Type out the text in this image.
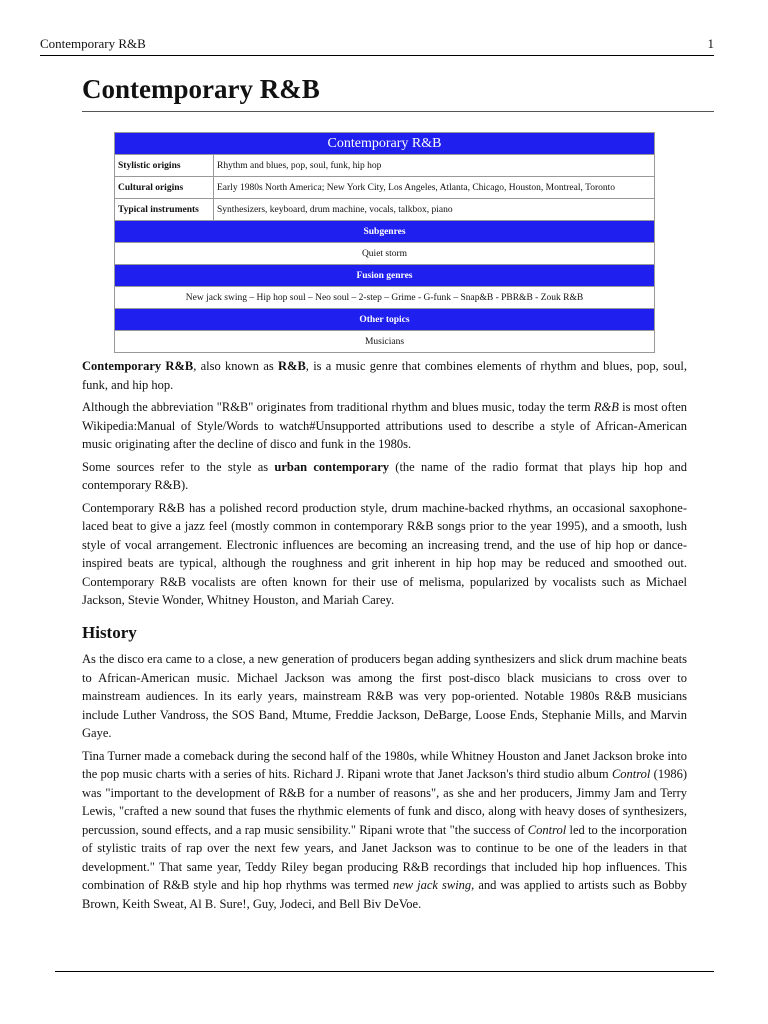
Contemporary R&B	1
Contemporary R&B
Contemporary R&B	
Stylistic origins	Rhythm and blues, pop, soul, funk, hip hop
Cultural origins	Early 1980s North America; New York City, Los Angeles, Atlanta, Chicago, Houston, Montreal, Toronto
Typical instruments	Synthesizers, keyboard, drum machine, vocals, talkbox, piano
Subgenres	
Quiet storm	
Fusion genres	
New jack swing – Hip hop soul – Neo soul – 2-step – Grime - G-funk – Snap&B - PBR&B - Zouk R&B	
Other topics	
Musicians	

Contemporary R&B, also known as R&B, is a music genre that combines elements of rhythm and blues, pop, soul, funk, and hip hop.

Although the abbreviation "R&B" originates from traditional rhythm and blues music, today the term R&B is most often Wikipedia:Manual of Style/Words to watch#Unsupported attributions used to describe a style of African-American music originating after the decline of disco and funk in the 1980s.

Some sources refer to the style as urban contemporary (the name of the radio format that plays hip hop and contemporary R&B).

Contemporary R&B has a polished record production style, drum machine-backed rhythms, an occasional saxophone-laced beat to give a jazz feel (mostly common in contemporary R&B songs prior to the year 1995), and a smooth, lush style of vocal arrangement. Electronic influences are becoming an increasing trend, and the use of hip hop or dance-inspired beats are typical, although the roughness and grit inherent in hip hop may be reduced and smoothed out. Contemporary R&B vocalists are often known for their use of melisma, popularized by vocalists such as Michael Jackson, Stevie Wonder, Whitney Houston, and Mariah Carey.

History

As the disco era came to a close, a new generation of producers began adding synthesizers and slick drum machine beats to African-American music. Michael Jackson was among the first post-disco black musicians to cross over to mainstream audiences. In its early years, mainstream R&B was very pop-oriented. Notable 1980s R&B musicians include Luther Vandross, the SOS Band, Mtume, Freddie Jackson, DeBarge, Loose Ends, Stephanie Mills, and Marvin Gaye.

Tina Turner made a comeback during the second half of the 1980s, while Whitney Houston and Janet Jackson broke into the pop music charts with a series of hits. Richard J. Ripani wrote that Janet Jackson's third studio album Control (1986) was "important to the development of R&B for a number of reasons", as she and her producers, Jimmy Jam and Terry Lewis, "crafted a new sound that fuses the rhythmic elements of funk and disco, along with heavy doses of synthesizers, percussion, sound effects, and a rap music sensibility." Ripani wrote that "the success of Control led to the incorporation of stylistic traits of rap over the next few years, and Janet Jackson was to continue to be one of the leaders in that development." That same year, Teddy Riley began producing R&B recordings that included hip hop influences. This combination of R&B style and hip hop rhythms was termed new jack swing, and was applied to artists such as Bobby Brown, Keith Sweat, Al B. Sure!, Guy, Jodeci, and Bell Biv DeVoe.
